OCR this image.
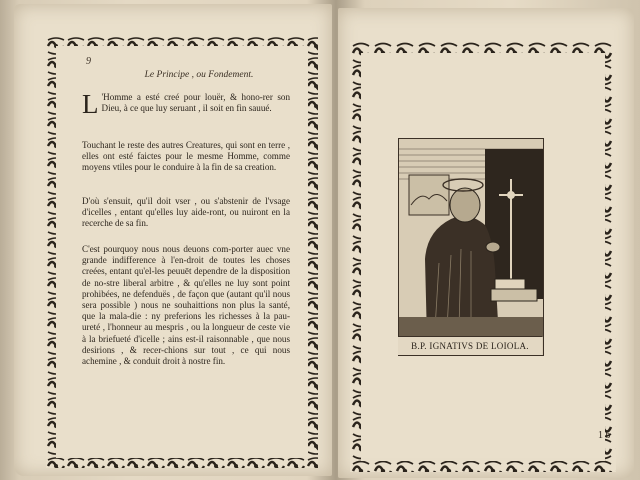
9
Le Principe , ou Fondement.

L 'Homme a esté creé pour louër, & hono-rer son Dieu, à ce que luy seruant , il soit en fin sauué.

Touchant le reste des autres Creatures, qui sont en terre , elles ont esté faictes pour le mesme Homme, comme moyens vtiles pour le conduire à la fin de sa creation.

D'où s'ensuit, qu'il doit vser , ou s'abstenir de l'vsage d'icelles , entant qu'elles luy aide-ront, ou nuiront en la recerche de sa fin.

C'est pourquoy nous nous deuons com-porter auec vne grande indifference à l'en-droit de toutes les choses creées, entant qu'el-les peuuēt dependre de la disposition de no-stre liberal arbitre , & qu'elles ne luy sont point prohibées, ne defenduës , de façon que (autant qu'il nous sera possible ) nous ne souhaittions non plus la santé, que la mala-die : ny preferions les richesses à la pau-ureté , l'honneur au mespris , ou la longueur de ceste vie à la briefueté d'icelle ; ains est-il raisonnable , que nous desirions , & recer-chions sur tout , ce qui nous achemine , & conduit droit à nostre fin.

B.P. IGNATIVS DE LOIOLA.
1 b
